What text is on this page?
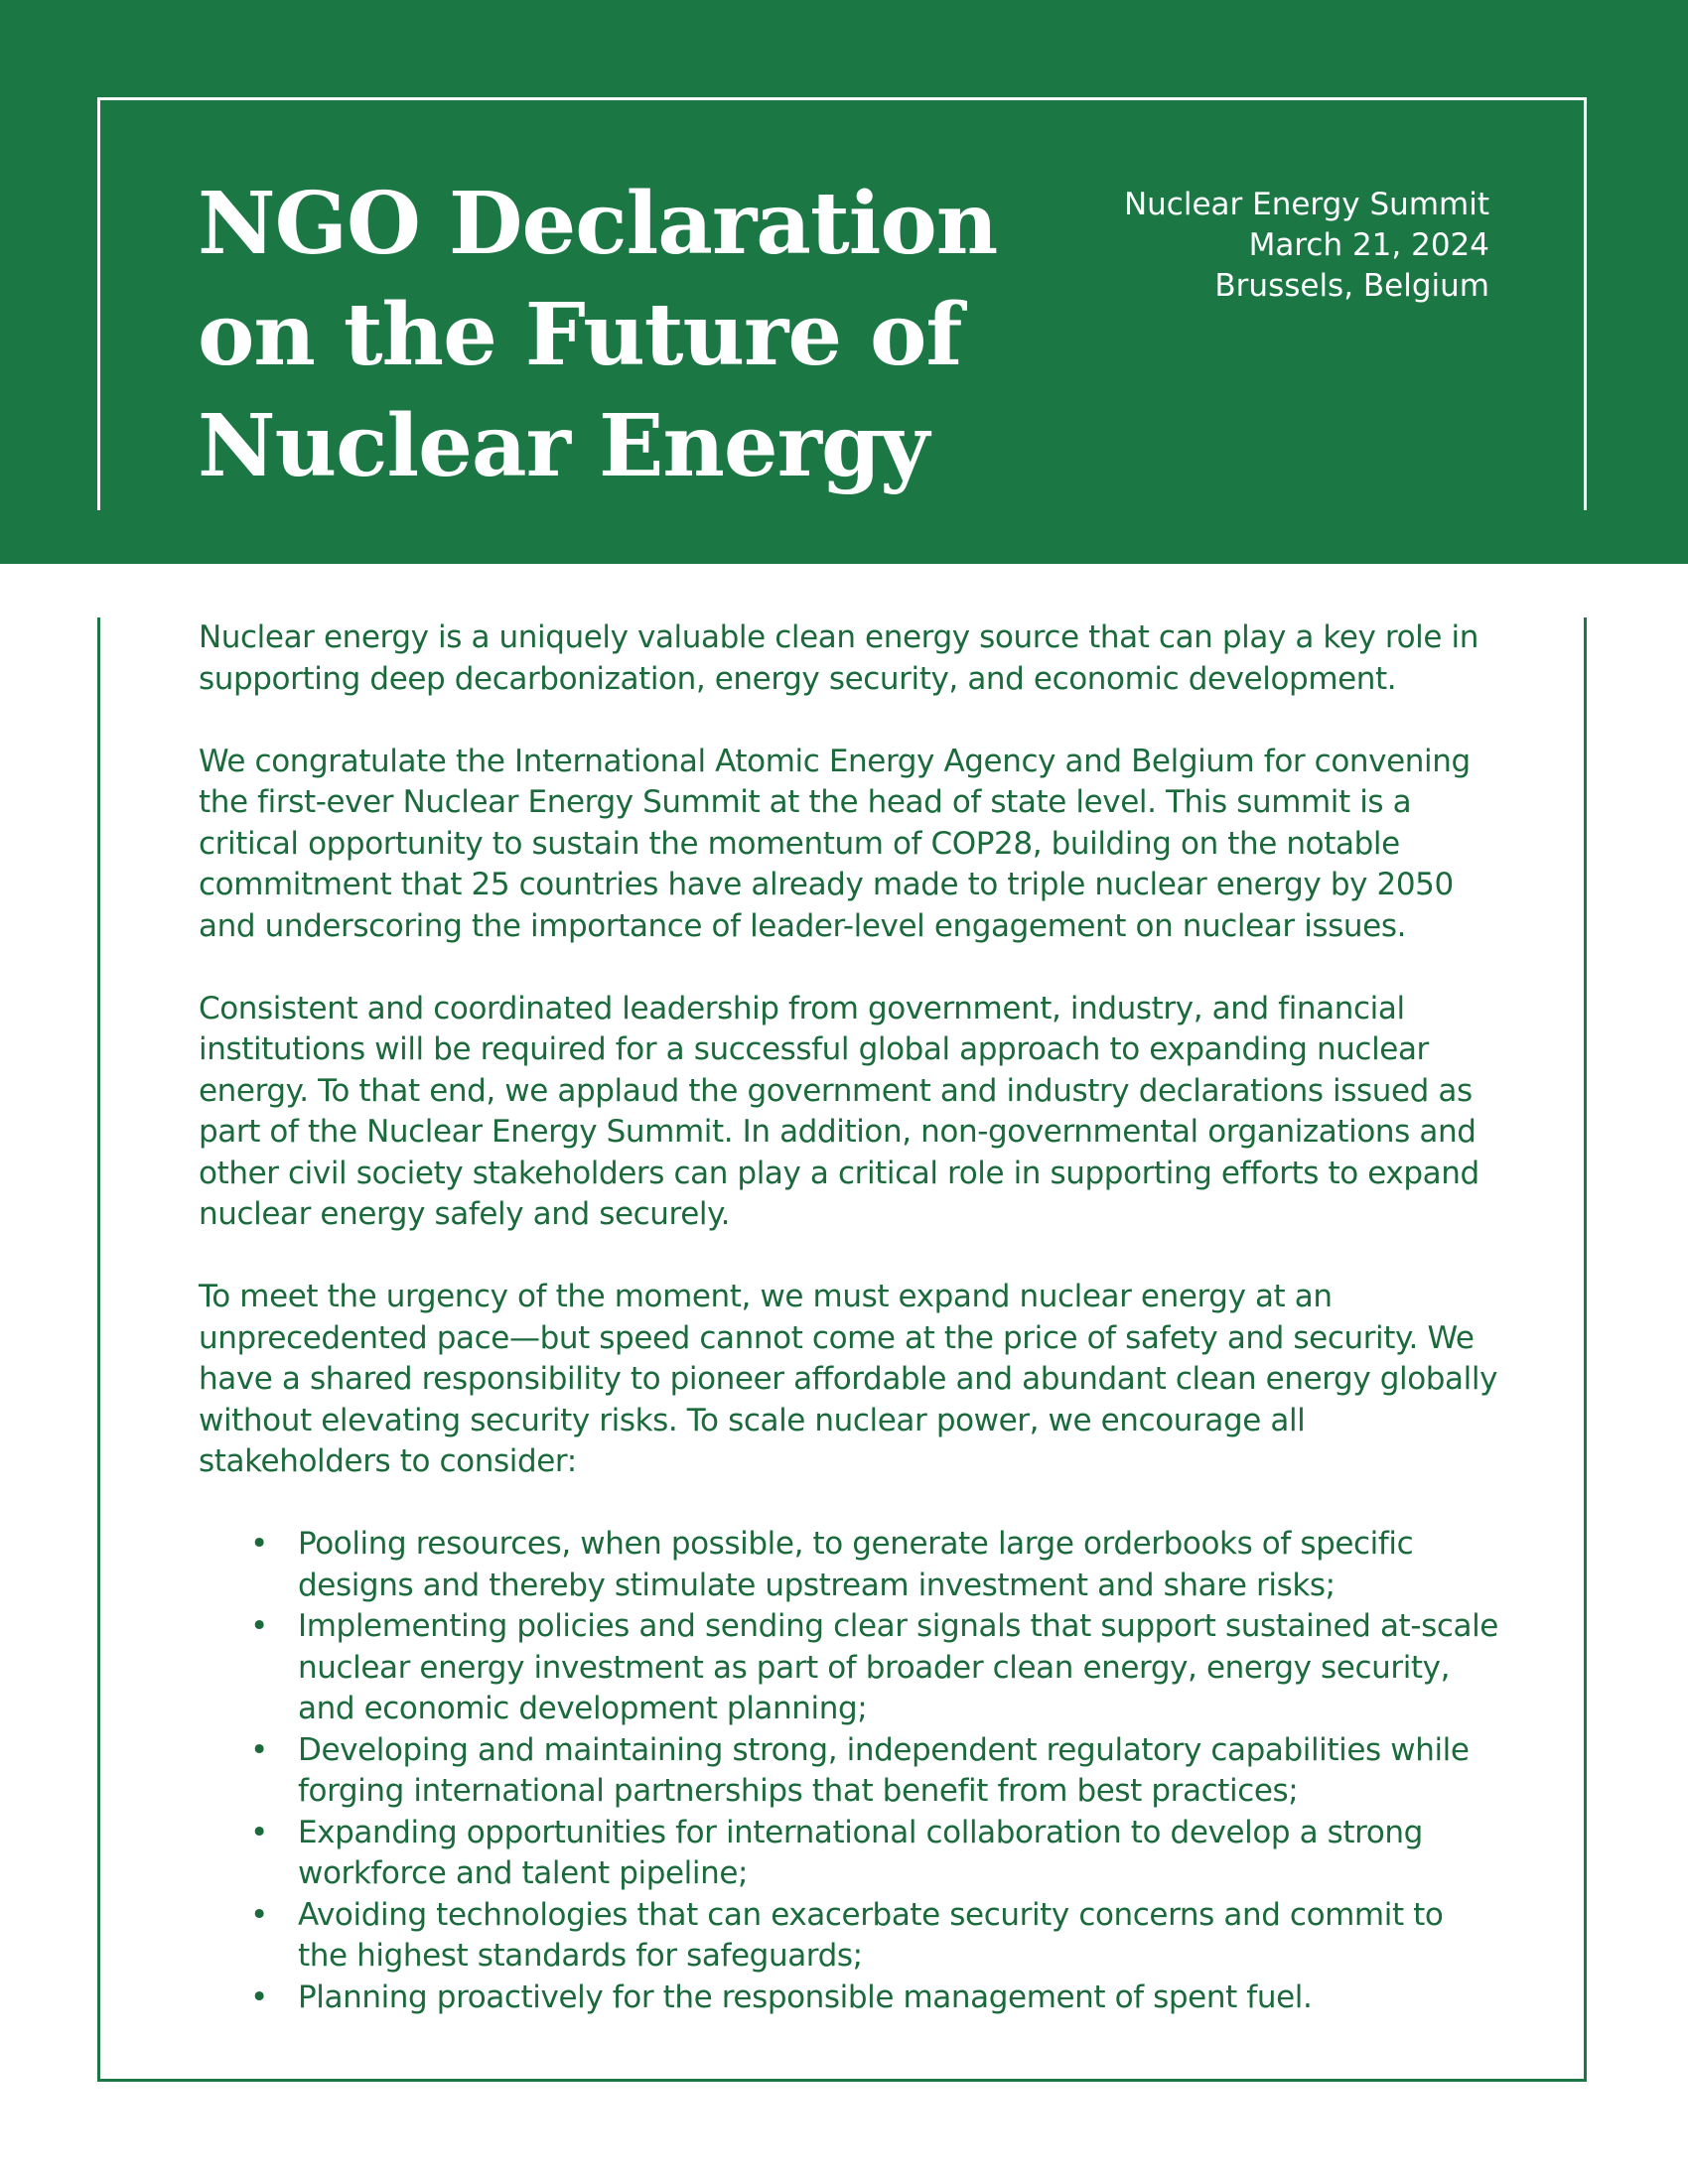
NGO Declaration on the Future of Nuclear Energy
Nuclear Energy Summit
March 21, 2024
Brussels, Belgium

Nuclear energy is a uniquely valuable clean energy source that can play a key role in supporting deep decarbonization, energy security, and economic development.

We congratulate the International Atomic Energy Agency and Belgium for convening the first-ever Nuclear Energy Summit at the head of state level. This summit is a critical opportunity to sustain the momentum of COP28, building on the notable commitment that 25 countries have already made to triple nuclear energy by 2050 and underscoring the importance of leader-level engagement on nuclear issues.

Consistent and coordinated leadership from government, industry, and financial institutions will be required for a successful global approach to expanding nuclear energy. To that end, we applaud the government and industry declarations issued as part of the Nuclear Energy Summit. In addition, non-governmental organizations and other civil society stakeholders can play a critical role in supporting efforts to expand nuclear energy safely and securely.

To meet the urgency of the moment, we must expand nuclear energy at an unprecedented pace—but speed cannot come at the price of safety and security. We have a shared responsibility to pioneer affordable and abundant clean energy globally without elevating security risks. To scale nuclear power, we encourage all stakeholders to consider:

• Pooling resources, when possible, to generate large orderbooks of specific designs and thereby stimulate upstream investment and share risks;
• Implementing policies and sending clear signals that support sustained at-scale nuclear energy investment as part of broader clean energy, energy security, and economic development planning;
• Developing and maintaining strong, independent regulatory capabilities while forging international partnerships that benefit from best practices;
• Expanding opportunities for international collaboration to develop a strong workforce and talent pipeline;
• Avoiding technologies that can exacerbate security concerns and commit to the highest standards for safeguards;
• Planning proactively for the responsible management of spent fuel.
